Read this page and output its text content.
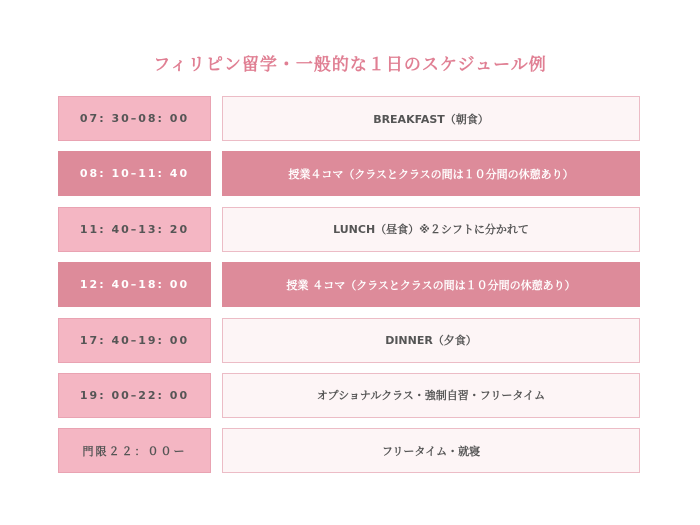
フィリピン留学・一般的な１日のスケジュール例
07: 30–08: 00	BREAKFAST（朝食）
08: 10–11: 40	授業４コマ（クラスとクラスの間は１０分間の休憩あり）
11: 40–13: 20	LUNCH（昼食）※２シフトに分かれて
12: 40–18: 00	授業 ４コマ（クラスとクラスの間は１０分間の休憩あり）
17: 40–19: 00	DINNER（夕食）
19: 00–22: 00	オプショナルクラス・強制自習・フリータイム
門限２２：００ー	フリータイム・就寝
